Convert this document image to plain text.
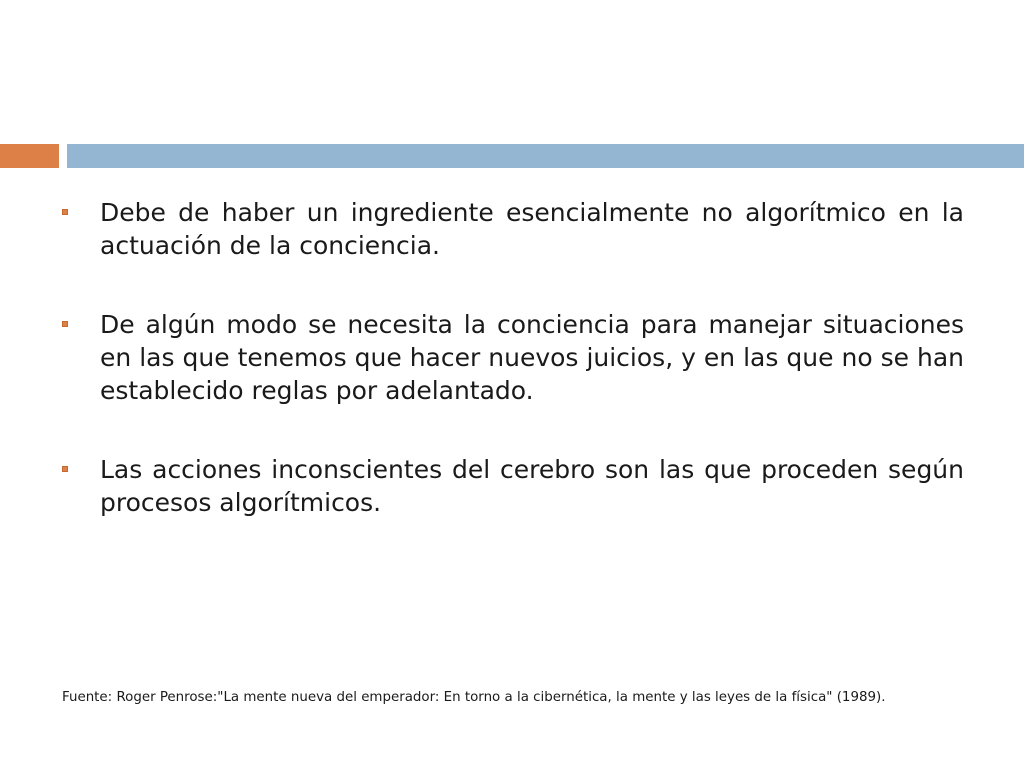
Debe de haber un ingrediente esencialmente no algorítmico en la actuación de la conciencia.
De algún modo se necesita la conciencia para manejar situaciones en las que tenemos que hacer nuevos juicios, y en las que no se han establecido reglas por adelantado.
Las acciones inconscientes del cerebro son las que proceden según procesos algorítmicos.
Fuente: Roger Penrose:"La mente nueva del emperador: En torno a la cibernética, la mente y las leyes de la física" (1989).
